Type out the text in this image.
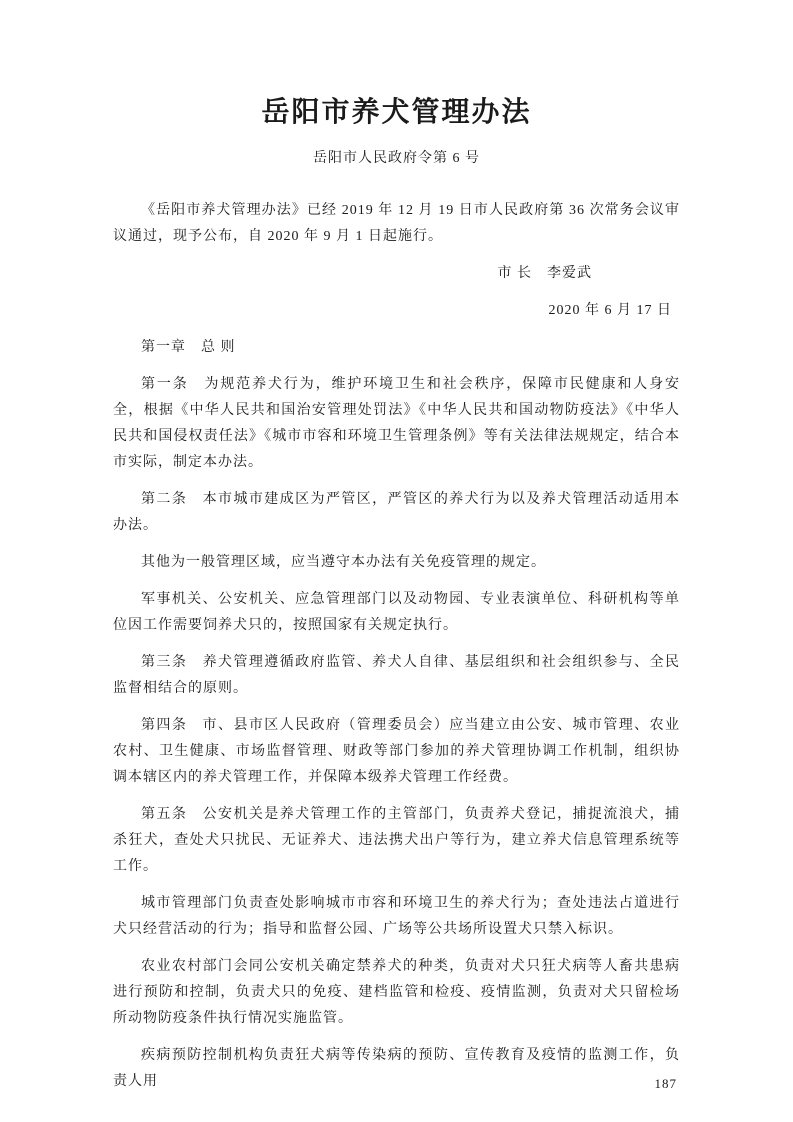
岳阳市养犬管理办法
岳阳市人民政府令第 6 号

《岳阳市养犬管理办法》已经 2019 年 12 月 19 日市人民政府第 36 次常务会议审议通过，现予公布，自 2020 年 9 月 1 日起施行。

市 长　李爱武
2020 年 6 月 17 日

第一章　总 则

第一条　为规范养犬行为，维护环境卫生和社会秩序，保障市民健康和人身安全，根据《中华人民共和国治安管理处罚法》《中华人民共和国动物防疫法》《中华人民共和国侵权责任法》《城市市容和环境卫生管理条例》等有关法律法规规定，结合本市实际，制定本办法。

第二条　本市城市建成区为严管区，严管区的养犬行为以及养犬管理活动适用本办法。

其他为一般管理区域，应当遵守本办法有关免疫管理的规定。

军事机关、公安机关、应急管理部门以及动物园、专业表演单位、科研机构等单位因工作需要饲养犬只的，按照国家有关规定执行。

第三条　养犬管理遵循政府监管、养犬人自律、基层组织和社会组织参与、全民监督相结合的原则。

第四条　市、县市区人民政府（管理委员会）应当建立由公安、城市管理、农业农村、卫生健康、市场监督管理、财政等部门参加的养犬管理协调工作机制，组织协调本辖区内的养犬管理工作，并保障本级养犬管理工作经费。

第五条　公安机关是养犬管理工作的主管部门，负责养犬登记，捕捉流浪犬，捕杀狂犬，查处犬只扰民、无证养犬、违法携犬出户等行为，建立养犬信息管理系统等工作。

城市管理部门负责查处影响城市市容和环境卫生的养犬行为；查处违法占道进行犬只经营活动的行为；指导和监督公园、广场等公共场所设置犬只禁入标识。

农业农村部门会同公安机关确定禁养犬的种类，负责对犬只狂犬病等人畜共患病进行预防和控制，负责犬只的免疫、建档监管和检疫、疫情监测，负责对犬只留检场所动物防疫条件执行情况实施监管。

疾病预防控制机构负责狂犬病等传染病的预防、宣传教育及疫情的监测工作，负责人用	187
